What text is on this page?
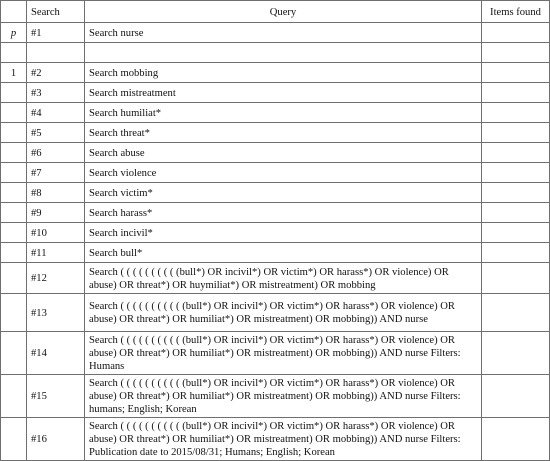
	Search	Query	Items found
p	#1	Search nurse	

1	#2	Search mobbing	
	#3	Search mistreatment	
	#4	Search humiliat*	
	#5	Search threat*	
	#6	Search abuse	
	#7	Search violence	
	#8	Search victim*	
	#9	Search harass*	
	#10	Search incivil*	
	#11	Search bull*	
	#12	Search ( ( ( ( ( ( ( ( ( (bull*) OR incivil*) OR victim*) OR harass*) OR violence) OR abuse) OR threat*) OR huymiliat*) OR mistreatment) OR mobbing	
	#13	Search ( ( ( ( ( ( ( ( ( ( (bull*) OR incivil*) OR victim*) OR harass*) OR violence) OR abuse) OR threat*) OR humiliat*) OR mistreatment) OR mobbing)) AND nurse	
	#14	Search ( ( ( ( ( ( ( ( ( ( (bull*) OR incivil*) OR victim*) OR harass*) OR violence) OR abuse) OR threat*) OR humiliat*) OR mistreatment) OR mobbing)) AND nurse Filters: Humans	
	#15	Search ( ( ( ( ( ( ( ( ( ( (bull*) OR incivil*) OR victim*) OR harass*) OR violence) OR abuse) OR threat*) OR humiliat*) OR mistreatment) OR mobbing)) AND nurse Filters: humans; English; Korean	
	#16	Search ( ( ( ( ( ( ( ( ( ( (bull*) OR incivil*) OR victim*) OR harass*) OR violence) OR abuse) OR threat*) OR humiliat*) OR mistreatment) OR mobbing)) AND nurse Filters: Publication date to 2015/08/31; Humans; English; Korean	
